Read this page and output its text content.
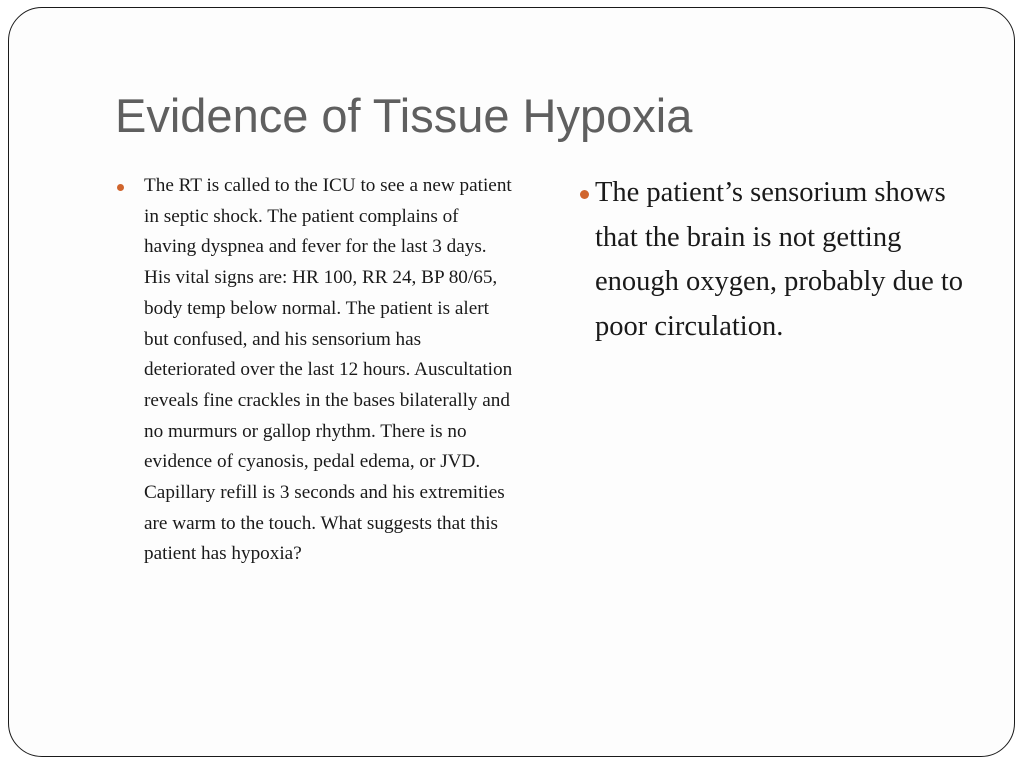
Evidence of Tissue Hypoxia
The RT is called to the ICU to see a new patient in septic shock. The patient complains of having dyspnea and fever for the last 3 days. His vital signs are: HR 100, RR 24, BP 80/65, body temp below normal. The patient is alert but confused, and his sensorium has deteriorated over the last 12 hours. Auscultation reveals fine crackles in the bases bilaterally and no murmurs or gallop rhythm. There is no evidence of cyanosis, pedal edema, or JVD. Capillary refill is 3 seconds and his extremities are warm to the touch. What suggests that this patient has hypoxia?
The patient’s sensorium shows that the brain is not getting enough oxygen, probably due to poor circulation.
